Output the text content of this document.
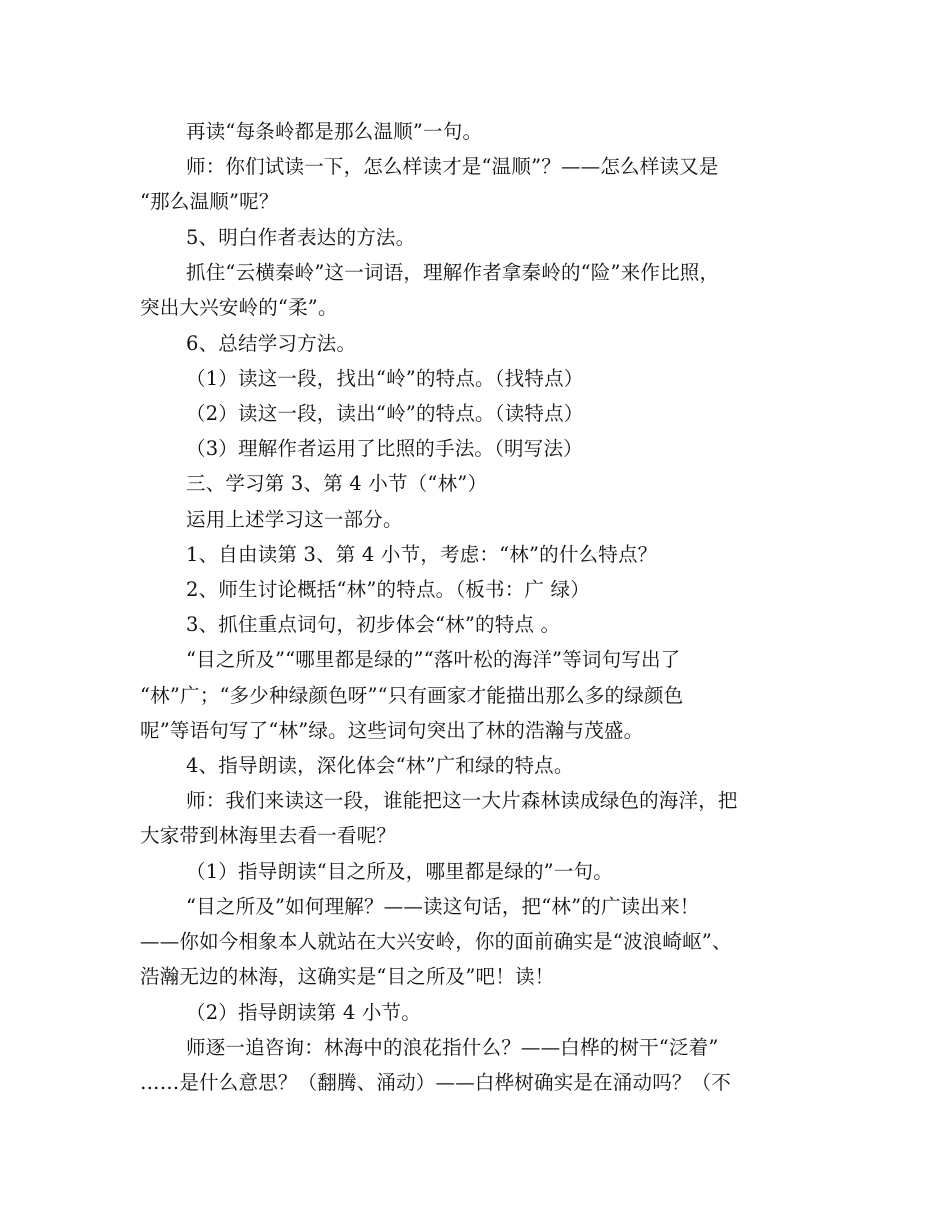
再读“每条岭都是那么温顺”一句。
师：你们试读一下，怎么样读才是“温顺”？——怎么样读又是
“那么温顺”呢？
5、明白作者表达的方法。
抓住“云横秦岭”这一词语，理解作者拿秦岭的“险”来作比照，
突出大兴安岭的“柔”。
6、总结学习方法。
（1）读这一段，找出“岭”的特点。（找特点）
（2）读这一段，读出“岭”的特点。（读特点）
（3）理解作者运用了比照的手法。（明写法）
三、学习第 3、第 4 小节（“林”）
运用上述学习这一部分。
1、自由读第 3、第 4 小节，考虑：“林”的什么特点？
2、师生讨论概括“林”的特点。（板书：广 绿）
3、抓住重点词句，初步体会“林”的特点 。
“目之所及”“哪里都是绿的”“落叶松的海洋”等词句写出了
“林”广；“多少种绿颜色呀”“只有画家才能描出那么多的绿颜色
呢”等语句写了“林”绿。这些词句突出了林的浩瀚与茂盛。
4、指导朗读，深化体会“林”广和绿的特点。
师：我们来读这一段，谁能把这一大片森林读成绿色的海洋，把
大家带到林海里去看一看呢？
（1）指导朗读“目之所及，哪里都是绿的”一句。
“目之所及”如何理解？——读这句话，把“林”的广读出来！
——你如今相象本人就站在大兴安岭，你的面前确实是“波浪崎岖”、
浩瀚无边的林海，这确实是“目之所及”吧！读！
（2）指导朗读第 4 小节。
师逐一追咨询：林海中的浪花指什么？——白桦的树干“泛着”
……是什么意思？（翻腾、涌动）——白桦树确实是在涌动吗？（不
